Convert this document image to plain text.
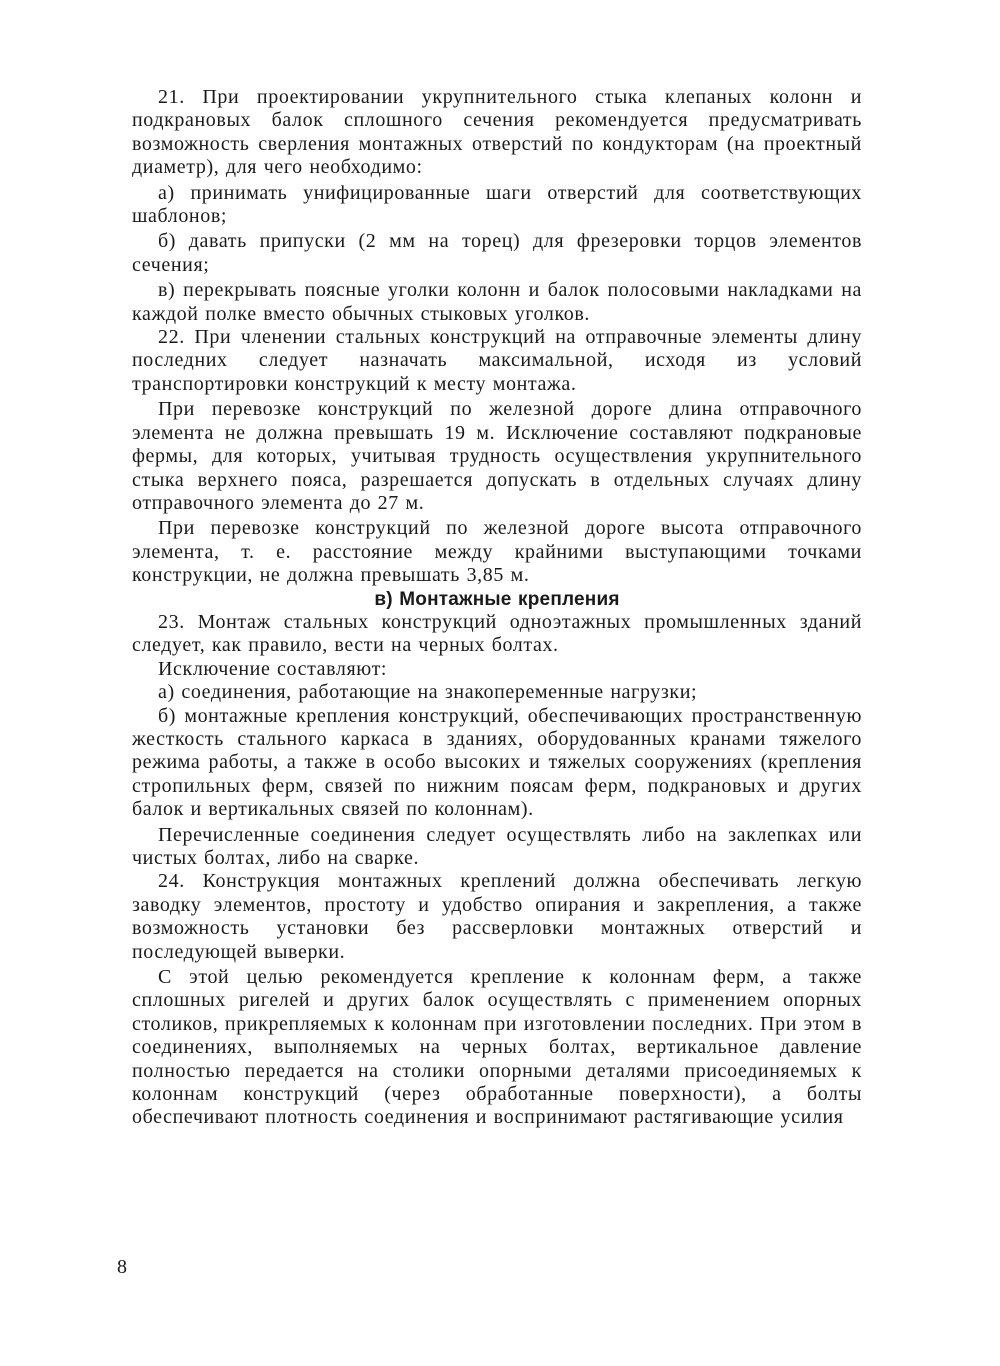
21. При проектировании укрупнительного стыка клепаных колонн и подкрановых балок сплошного сечения рекомендуется предусматривать возможность сверления монтажных отверстий по кондукторам (на проектный диаметр), для чего необходимо:

а) принимать унифицированные шаги отверстий для соответствующих шаблонов;

б) давать припуски (2 мм на торец) для фрезеровки торцов элементов сечения;

в) перекрывать поясные уголки колонн и балок полосовыми накладками на каждой полке вместо обычных стыковых уголков.

22. При членении стальных конструкций на отправочные элементы длину последних следует назначать максимальной, исходя из условий транспортировки конструкций к месту монтажа.

При перевозке конструкций по железной дороге длина отправочного элемента не должна превышать 19 м. Исключение составляют подкрановые фермы, для которых, учитывая трудность осуществления укрупнительного стыка верхнего пояса, разрешается допускать в отдельных случаях длину отправочного элемента до 27 м.

При перевозке конструкций по железной дороге высота отправочного элемента, т. е. расстояние между крайними выступающими точками конструкции, не должна превышать 3,85 м.

в) Монтажные крепления

23. Монтаж стальных конструкций одноэтажных промышленных зданий следует, как правило, вести на черных болтах.

Исключение составляют:

а) соединения, работающие на знакопеременные нагрузки;

б) монтажные крепления конструкций, обеспечивающих пространственную жесткость стального каркаса в зданиях, оборудованных кранами тяжелого режима работы, а также в особо высоких и тяжелых сооружениях (крепления стропильных ферм, связей по нижним поясам ферм, подкрановых и других балок и вертикальных связей по колоннам).

Перечисленные соединения следует осуществлять либо на заклепках или чистых болтах, либо на сварке.

24. Конструкция монтажных креплений должна обеспечивать легкую заводку элементов, простоту и удобство опирания и закрепления, а также возможность установки без рассверловки монтажных отверстий и последующей выверки.

С этой целью рекомендуется крепление к колоннам ферм, а также сплошных ригелей и других балок осуществлять с применением опорных столиков, прикрепляемых к колоннам при изготовлении последних. При этом в соединениях, выполняемых на черных болтах, вертикальное давление полностью передается на столики опорными деталями присоединяемых к колоннам конструкций (через обработанные поверхности), а болты обеспечивают плотность соединения и воспринимают растягивающие усилия

8
